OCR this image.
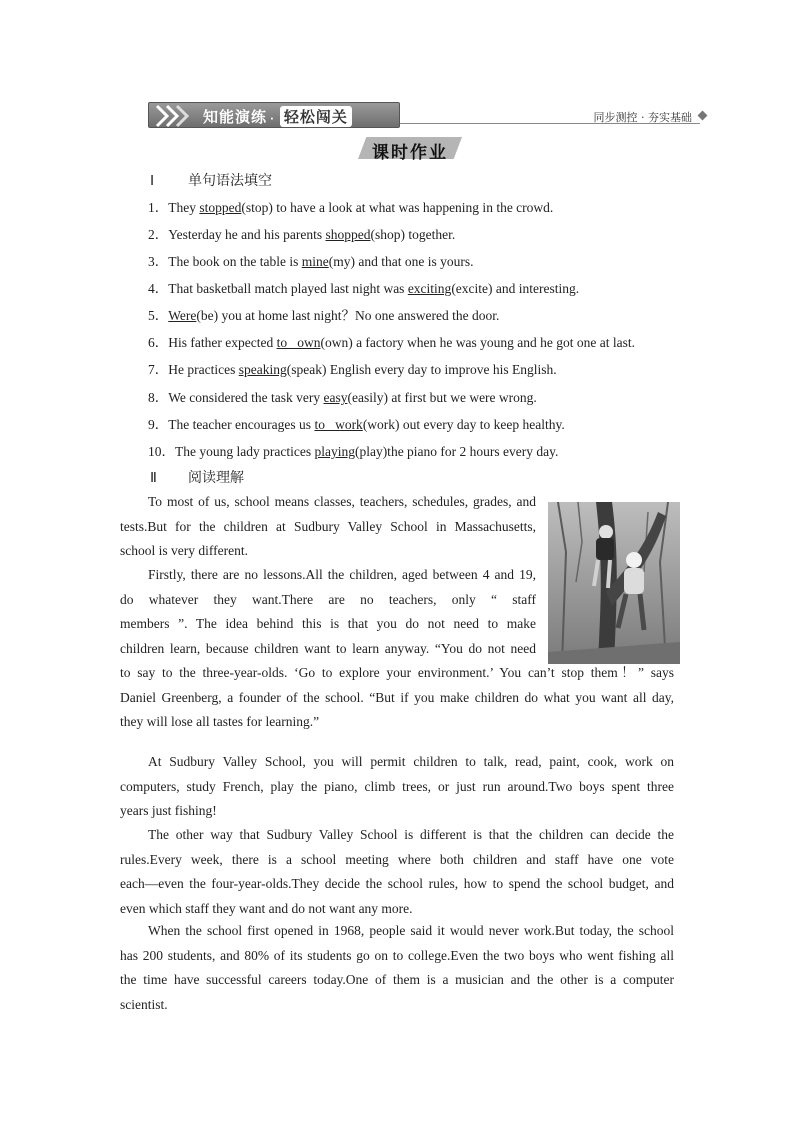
知能演练 · 轻松闯关	同步测控 · 夯实基础
课时作业
Ⅰ 单句语法填空
1．They stopped(stop) to have a look at what was happening in the crowd.
2．Yesterday he and his parents shopped(shop) together.
3．The book on the table is mine(my) and that one is yours.
4．That basketball match played last night was exciting(excite) and interesting.
5．Were(be) you at home last night？No one answered the door.
6．His father expected to   own(own) a factory when he was young and he got one at last.
7．He practices speaking(speak) English every day to improve his English.
8．We considered the task very easy(easily) at first but we were wrong.
9．The teacher encourages us to   work(work) out every day to keep healthy.
10．The young lady practices playing(play)the piano for 2 hours every day.
Ⅱ 阅读理解
To most of us, school means classes, teachers, schedules, grades, and
tests.But for the children at Sudbury Valley School in Massachusetts,
school is very different.
Firstly, there are no lessons.All the children, aged between 4 and 19,
do whatever they want.There are no teachers, only “ staff
members ”. The idea behind this is that you do not need to make
children learn, because children want to learn anyway. “You do not need
to say to the three-year-olds. ‘Go to explore your environment.’ You can’t stop them！” says
Daniel Greenberg, a founder of the school. “But if you make children do what you want all day,
they will lose all tastes for learning.”
At Sudbury Valley School, you will permit children to talk, read, paint, cook, work on
computers, study French, play the piano, climb trees, or just run around.Two boys spent three
years just fishing!
The other way that Sudbury Valley School is different is that the children can decide the
rules.Every week, there is a school meeting where both children and staff have one vote
each—even the four-year-olds.They decide the school rules, how to spend the school budget, and
even which staff they want and do not want any more.
When the school first opened in 1968, people said it would never work.But today, the school
has 200 students, and 80% of its students go on to college.Even the two boys who went fishing all
the time have successful careers today.One of them is a musician and the other is a computer
scientist.
